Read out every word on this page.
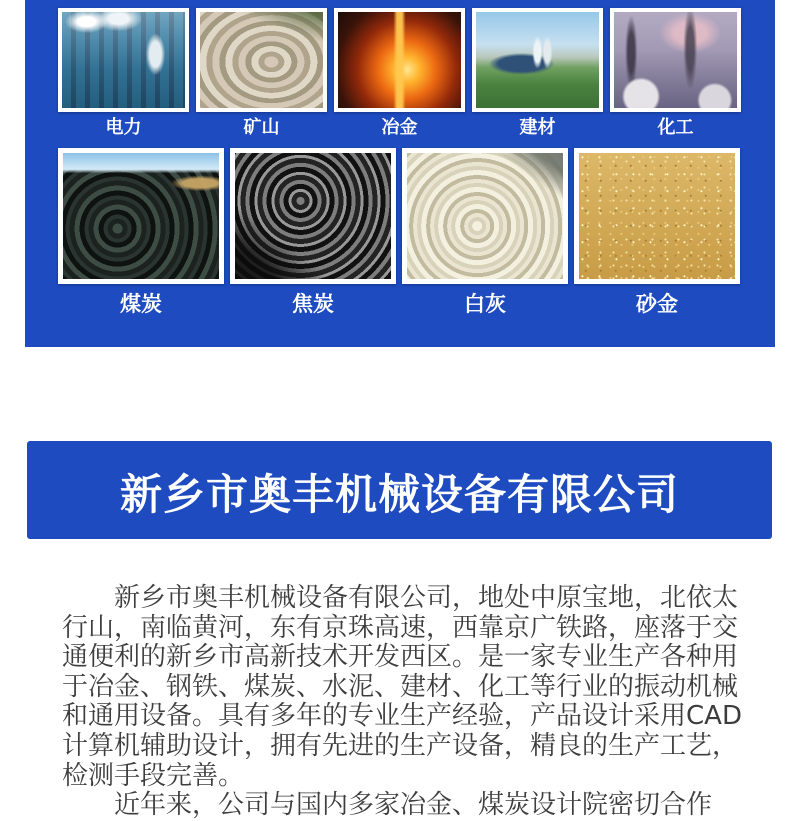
电力	矿山	冶金	建材	化工
煤炭	焦炭	白灰	砂金
新乡市奥丰机械设备有限公司
　　新乡市奥丰机械设备有限公司，地处中原宝地，北依太
行山，南临黄河，东有京珠高速，西靠京广铁路，座落于交
通便利的新乡市高新技术开发西区。是一家专业生产各种用
于冶金、钢铁、煤炭、水泥、建材、化工等行业的振动机械
和通用设备。具有多年的专业生产经验，产品设计采用CAD
计算机辅助设计，拥有先进的生产设备，精良的生产工艺，
检测手段完善。
　　近年来，公司与国内多家冶金、煤炭设计院密切合作
